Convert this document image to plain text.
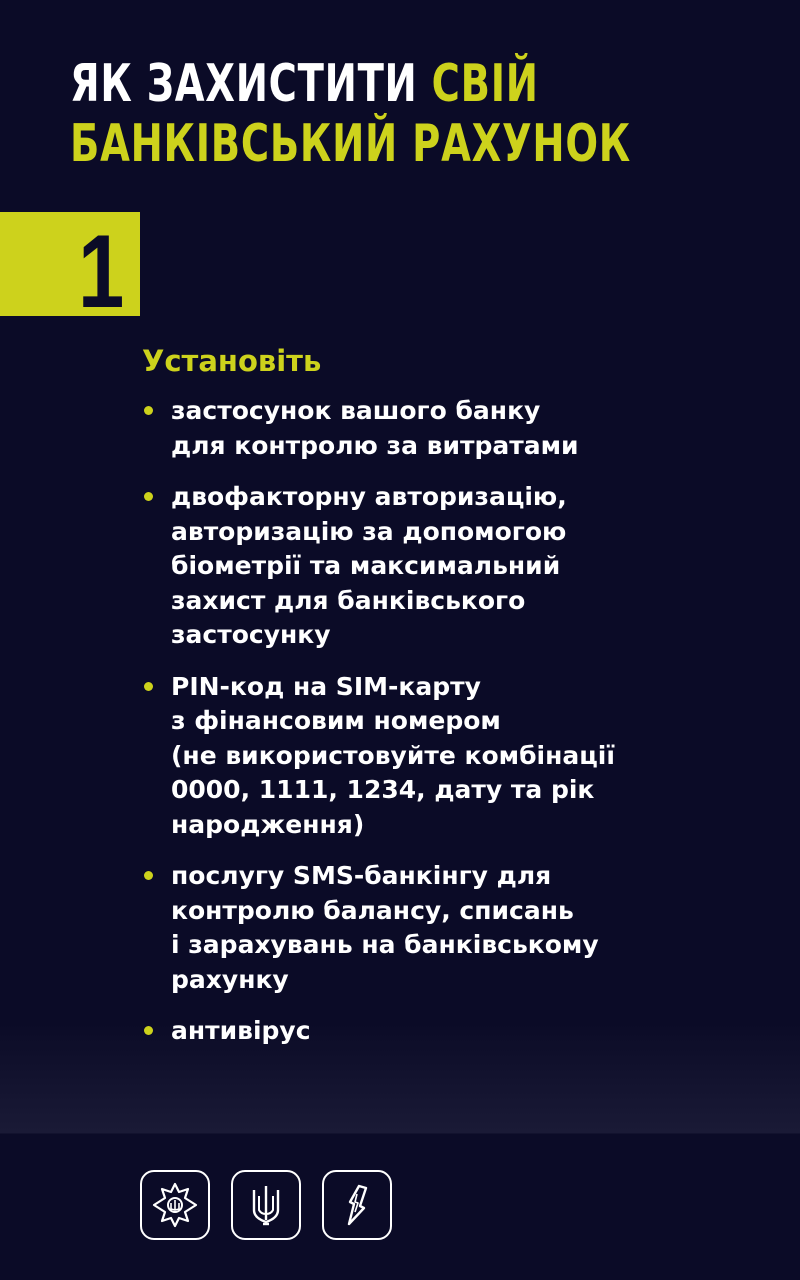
ЯК ЗАХИСТИТИ СВІЙ
БАНКІВСЬКИЙ РАХУНОК
1
Установіть
застосунок вашого банку
для контролю за витратами
двофакторну авторизацію,
авторизацію за допомогою
біометрії та максимальний
захист для банківського
застосунку
PIN-код на SIM-карту
з фінансовим номером
(не використовуйте комбінації
0000, 1111, 1234, дату та рік
народження)
послугу SMS-банкінгу для
контролю балансу, списань
і зарахувань на банківському
рахунку
антивірус
